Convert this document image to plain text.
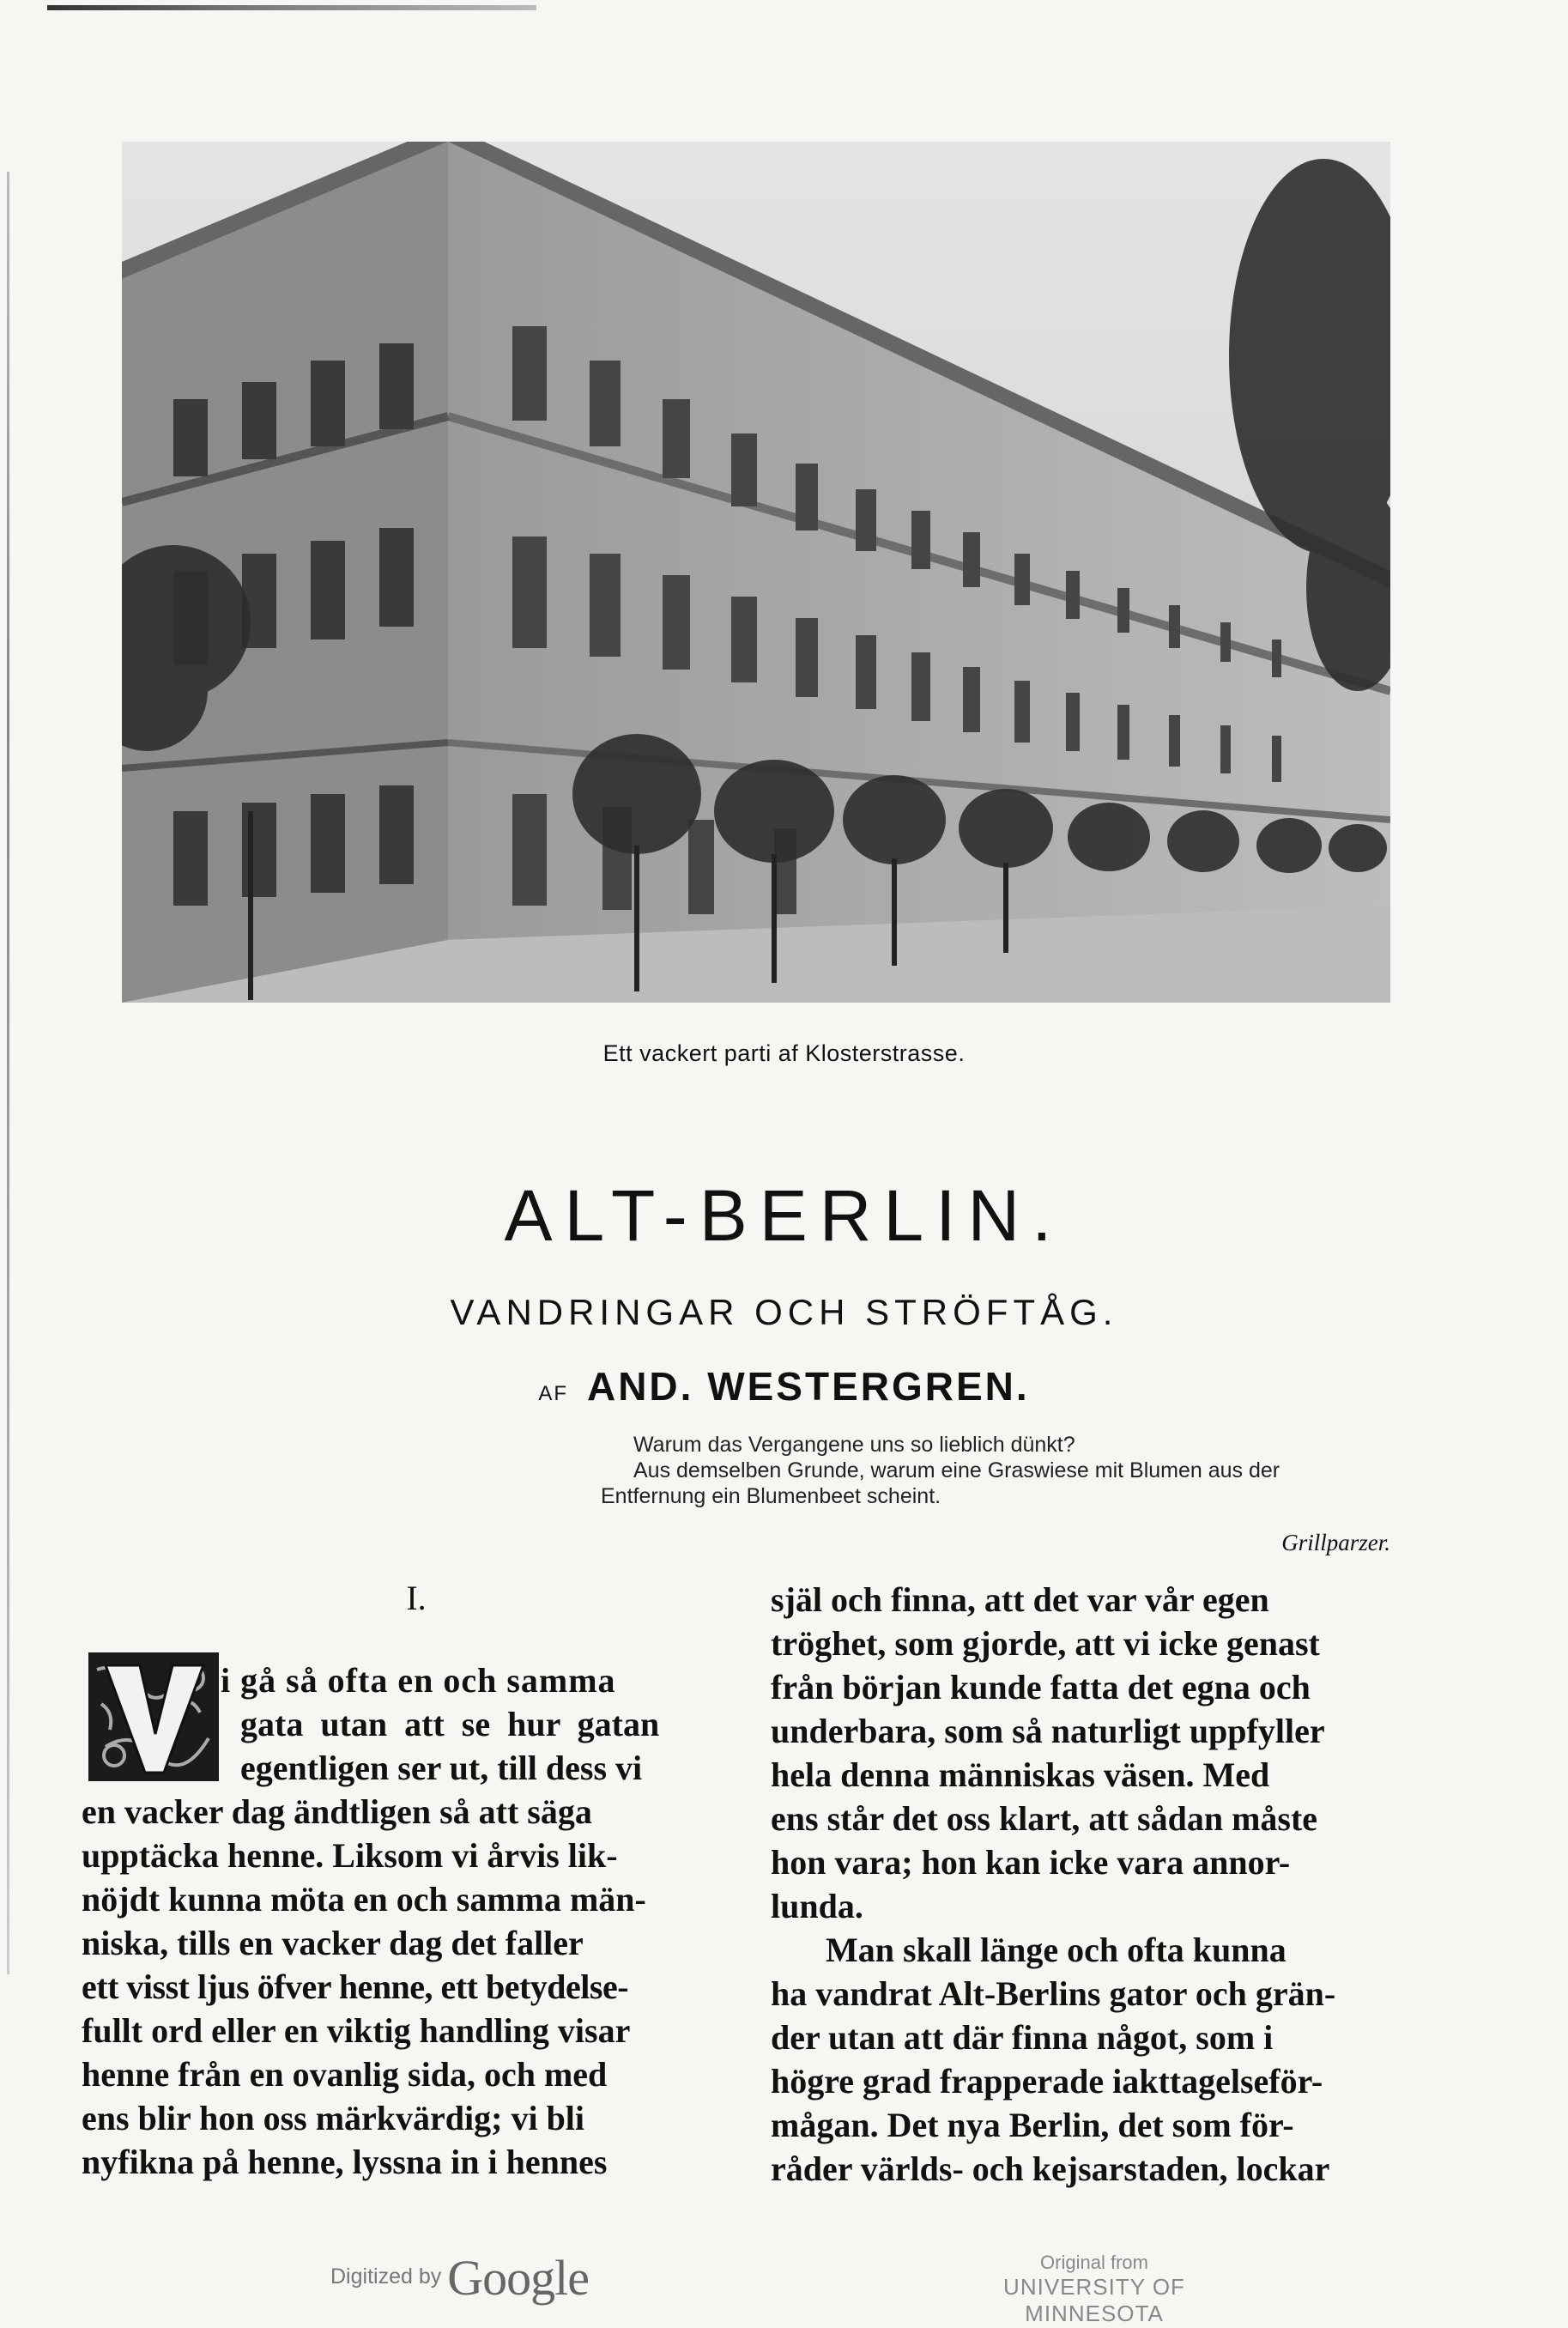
Ett vackert parti af Klosterstrasse.
ALT-BERLIN.
VANDRINGAR OCH STRÖFTÅG.
AF AND. WESTERGREN.
Warum das Vergangene uns so lieblich dünkt?
Aus demselben Grunde, warum eine Graswiese mit Blumen aus der
Entfernung ein Blumenbeet scheint.
Grillparzer.
I.
i gå så ofta en och samma
gata utan att se hur gatan
egentligen ser ut, till dess vi
en vacker dag ändtligen så att säga
upptäcka henne. Liksom vi årvis lik-
nöjdt kunna möta en och samma män-
niska, tills en vacker dag det faller
ett visst ljus öfver henne, ett betydelse-
fullt ord eller en viktig handling visar
henne från en ovanlig sida, och med
ens blir hon oss märkvärdig; vi bli
nyfikna på henne, lyssna in i hennes
själ och finna, att det var vår egen
tröghet, som gjorde, att vi icke genast
från början kunde fatta det egna och
underbara, som så naturligt uppfyller
hela denna människas väsen. Med
ens står det oss klart, att sådan måste
hon vara; hon kan icke vara annor-
lunda.
Man skall länge och ofta kunna
ha vandrat Alt-Berlins gator och grän-
der utan att där finna något, som i
högre grad frapperade iakttagelseför-
mågan. Det nya Berlin, det som för-
råder världs- och kejsarstaden, lockar
Digitized by Google	Original from
UNIVERSITY OF MINNESOTA
